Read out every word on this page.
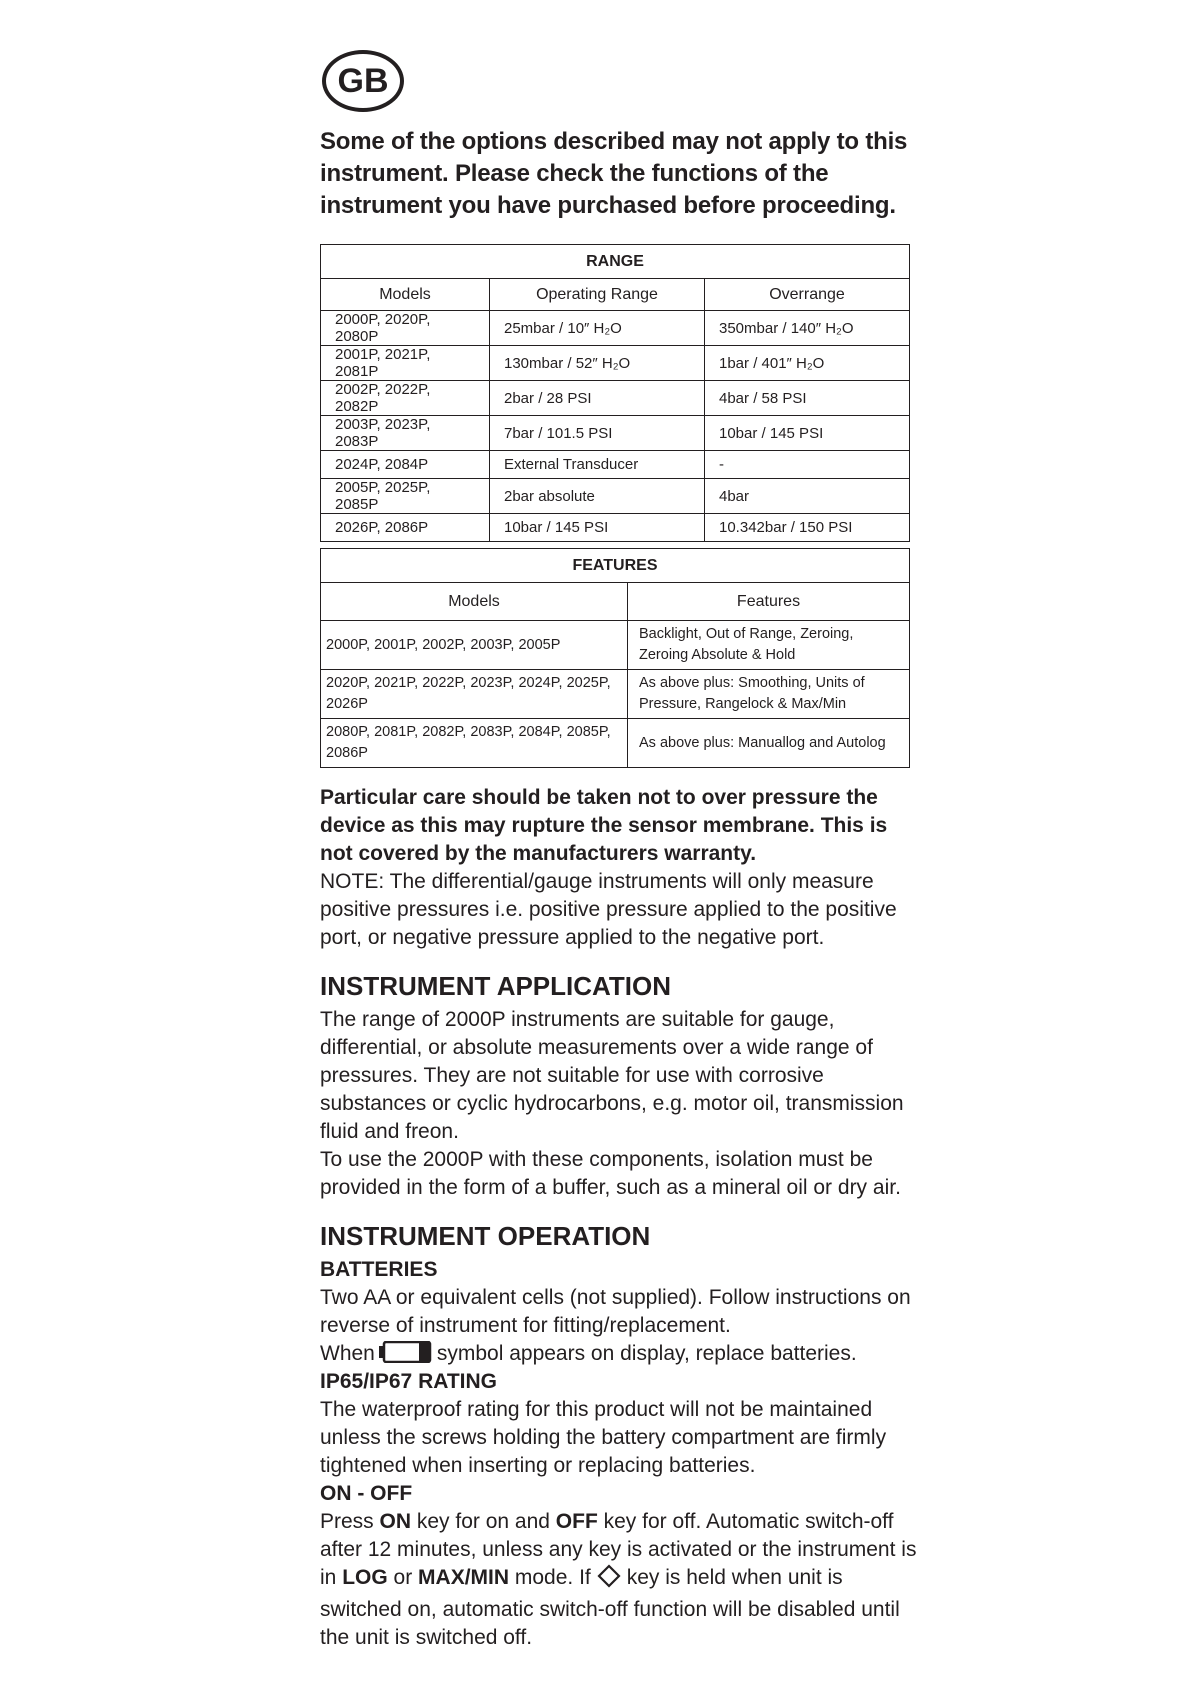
GB
Some of the options described may not apply to this instrument. Please check the functions of the instrument you have purchased before proceeding.
RANGE		
Models	Operating Range	Overrange
2000P, 2020P, 2080P	25mbar / 10″ H₂O	350mbar / 140″ H₂O
2001P, 2021P, 2081P	130mbar / 52″ H₂O	1bar / 401″ H₂O
2002P, 2022P, 2082P	2bar / 28 PSI	4bar / 58 PSI
2003P, 2023P, 2083P	7bar / 101.5 PSI	10bar / 145 PSI
2024P, 2084P	External Transducer	-
2005P, 2025P, 2085P	2bar absolute	4bar
2026P, 2086P	10bar / 145 PSI	10.342bar / 150 PSI
FEATURES	
Models	Features
2000P, 2001P, 2002P, 2003P, 2005P	Backlight, Out of Range, Zeroing, Zeroing Absolute & Hold
2020P, 2021P, 2022P, 2023P, 2024P, 2025P, 2026P	As above plus: Smoothing, Units of Pressure, Rangelock & Max/Min
2080P, 2081P, 2082P, 2083P, 2084P, 2085P, 2086P	As above plus: Manuallog and Autolog
Particular care should be taken not to over pressure the device as this may rupture the sensor membrane. This is not covered by the manufacturers warranty.

NOTE: The differential/gauge instruments will only measure positive pressures i.e. positive pressure applied to the positive port, or negative pressure applied to the negative port.

INSTRUMENT APPLICATION

The range of 2000P instruments are suitable for gauge, differential, or absolute measurements over a wide range of pressures. They are not suitable for use with corrosive substances or cyclic hydrocarbons, e.g. motor oil, transmission fluid and freon.

To use the 2000P with these components, isolation must be provided in the form of a buffer, such as a mineral oil or dry air.

INSTRUMENT OPERATION
BATTERIES

Two AA or equivalent cells (not supplied). Follow instructions on reverse of instrument for fitting/replacement.

When	symbol appears on display, replace batteries.

IP65/IP67 RATING

The waterproof rating for this product will not be maintained unless the screws holding the battery compartment are firmly tightened when inserting or replacing batteries.

ON - OFF

Press ON key for on and OFF key for off. Automatic switch-off after 12 minutes, unless any key is activated or the instrument is in LOG or MAX/MIN mode. If key is held when unit is switched on, automatic switch-off function will be disabled until the unit is switched off.
